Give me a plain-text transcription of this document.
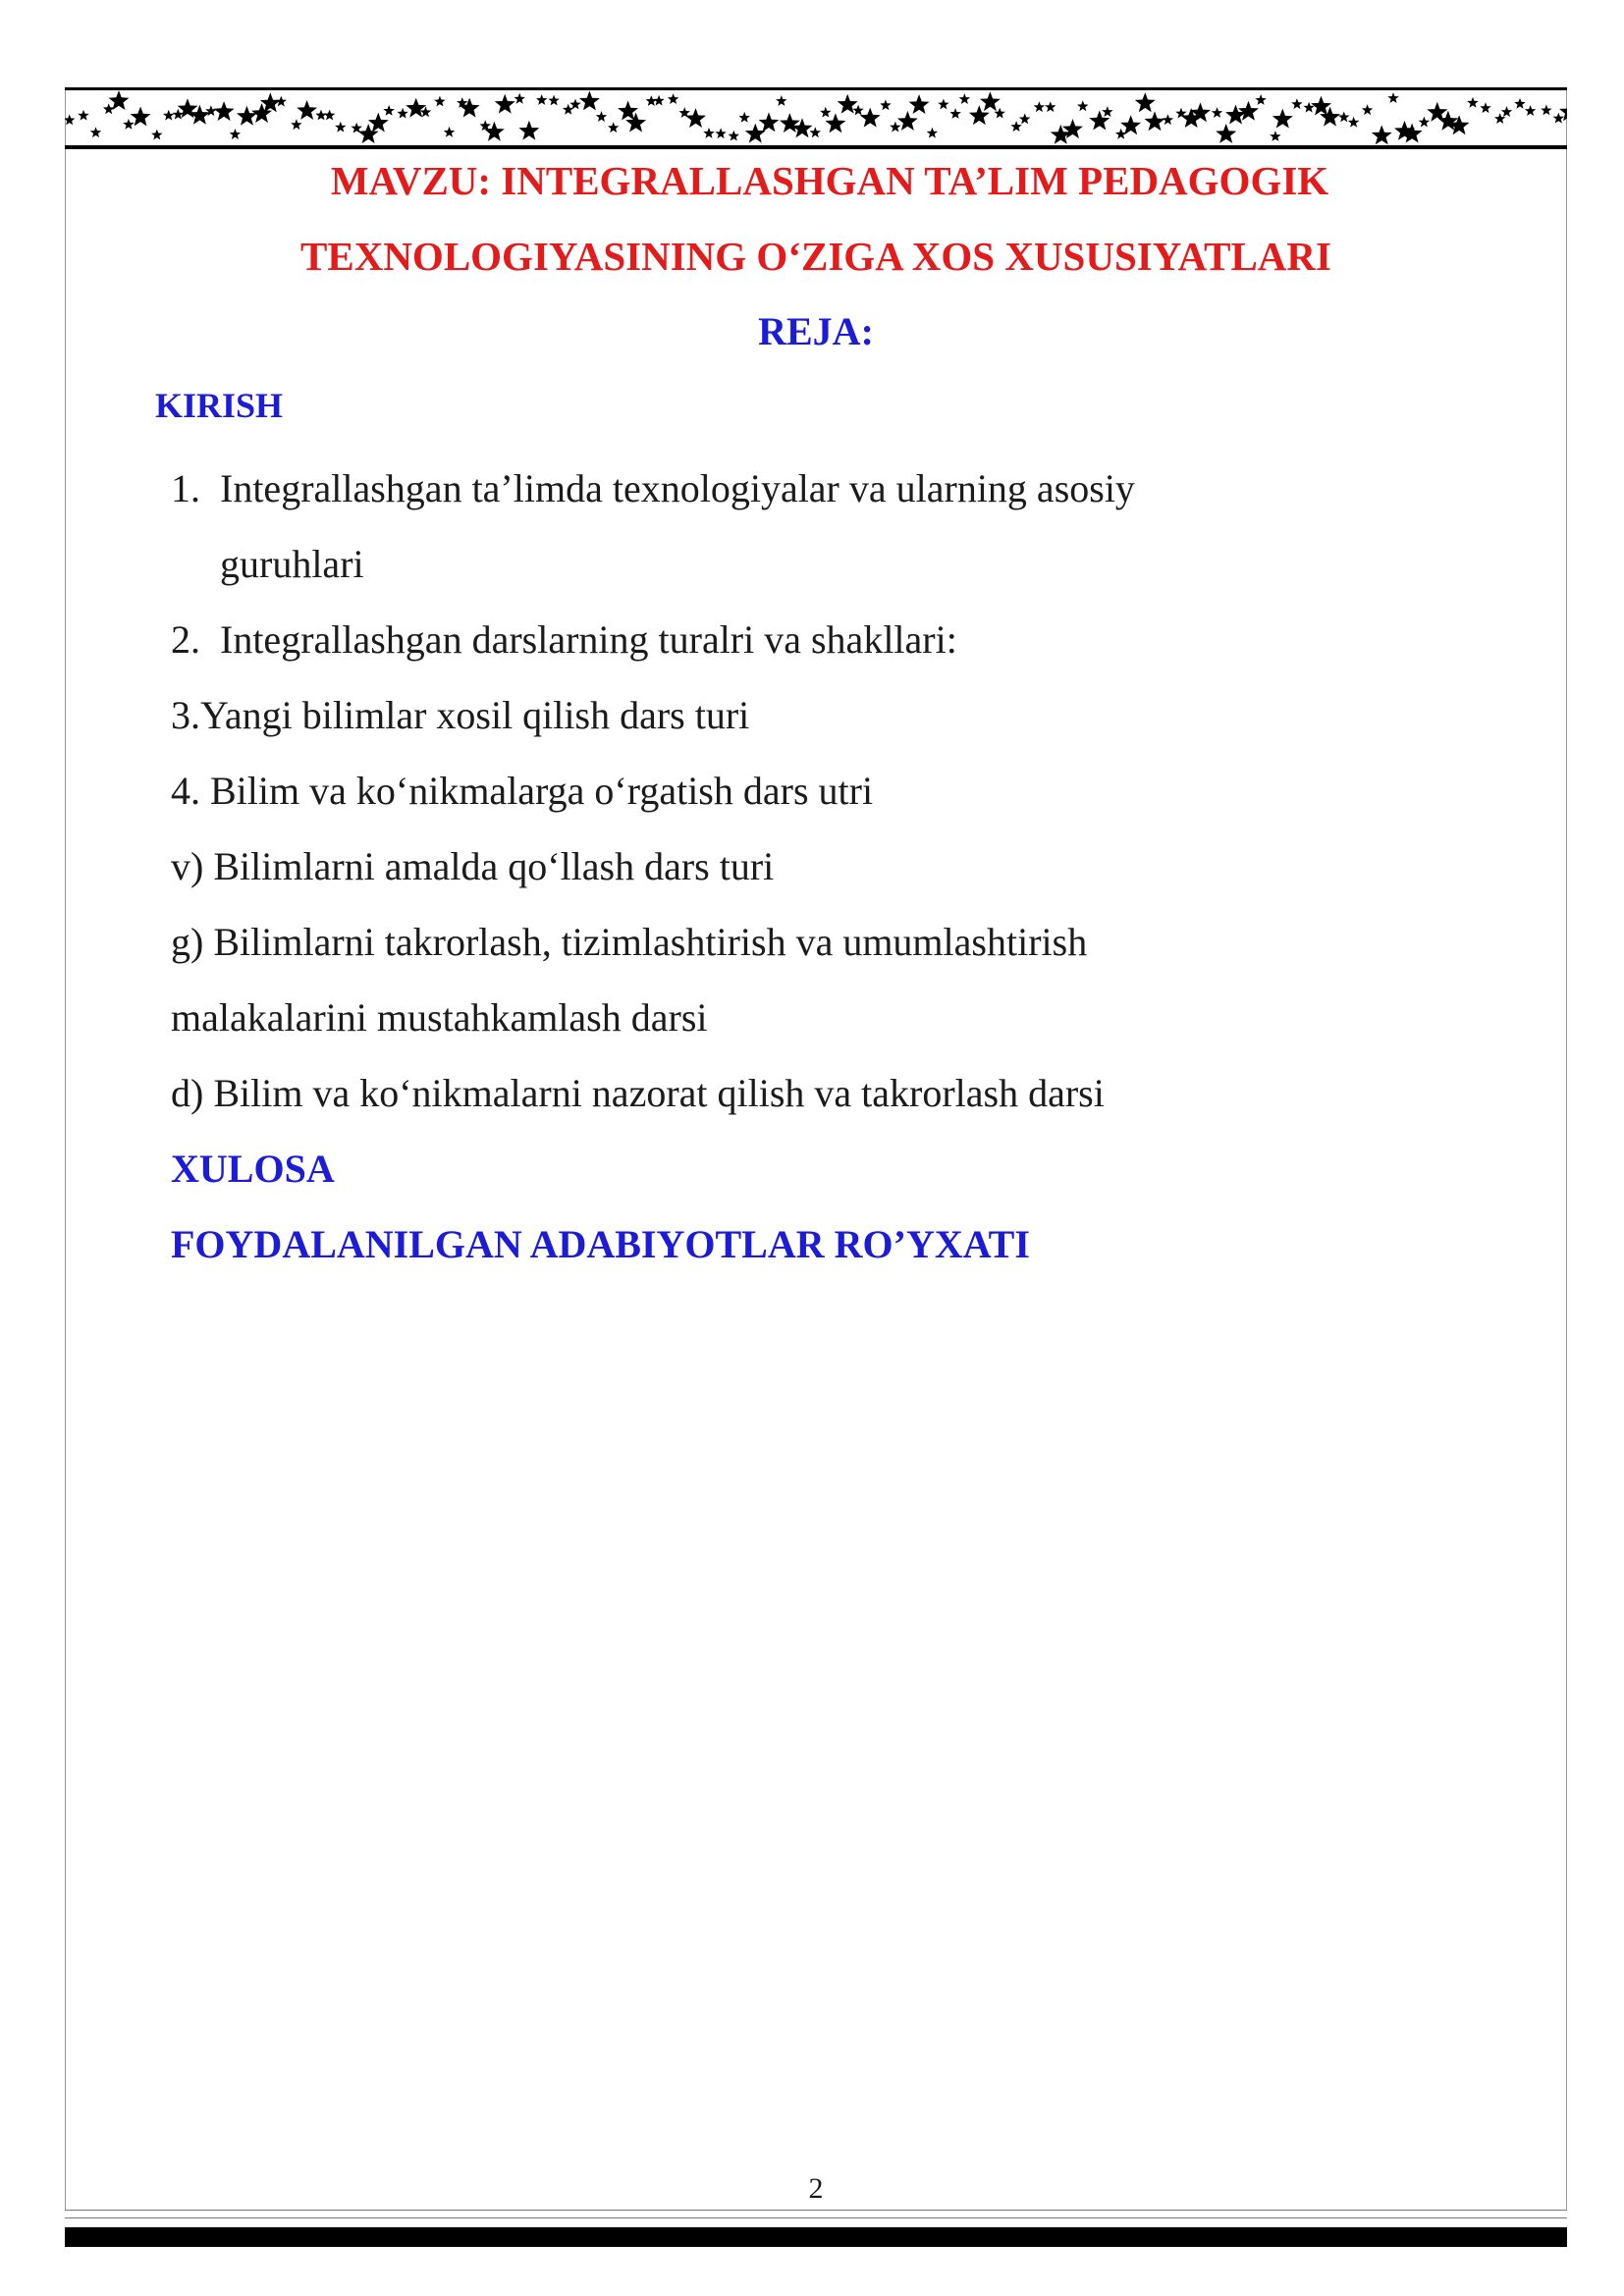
MAVZU: INTEGRALLASHGAN TA’LIM PEDAGOGIK
TEXNOLOGIYASINING O‘ZIGA XOS XUSUSIYATLARI
REJA:
KIRISH
1. Integrallashgan ta’limda texnologiyalar va ularning asosiy
guruhlari
2. Integrallashgan darslarning turalri va shakllari:
3.Yangi bilimlar xosil qilish dars turi
4. Bilim va ko‘nikmalarga o‘rgatish dars utri
v) Bilimlarni amalda qo‘llash dars turi
g) Bilimlarni takrorlash, tizimlashtirish va umumlashtirish
malakalarini mustahkamlash darsi
d) Bilim va ko‘nikmalarni nazorat qilish va takrorlash darsi
XULOSA
FOYDALANILGAN ADABIYOTLAR RO’YXATI
2
